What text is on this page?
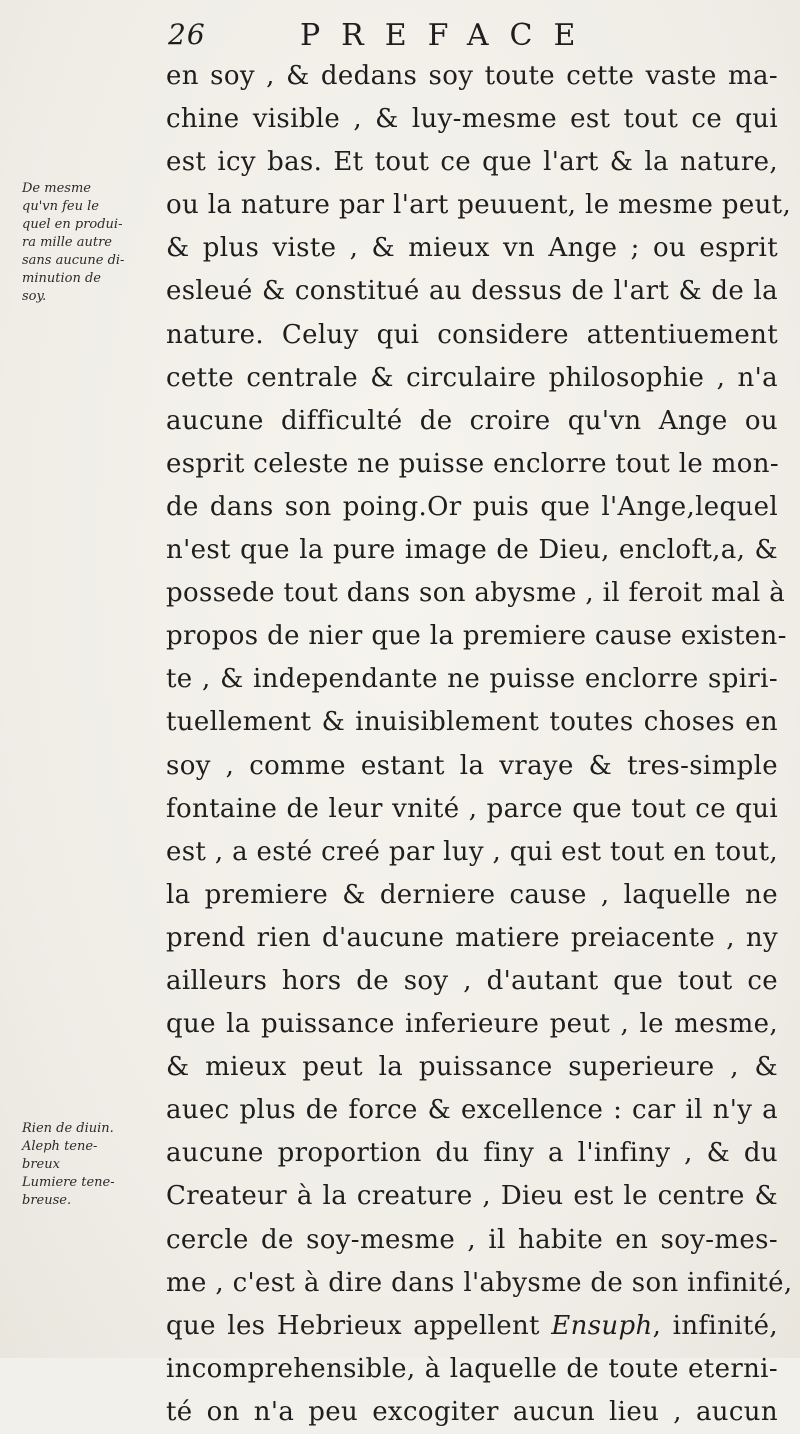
26	PREFACE
De mesme
qu'vn feu le
quel en produi-
ra mille autre
sans aucune di-
minution de
soy.
Rien de diuin.
Aleph tene-
breux
Lumiere tene-
breuse.
en soy , & dedans soy toute cette vaste ma-
chine visible , & luy-mesme est tout ce qui
est icy bas. Et tout ce que l'art & la nature,
ou la nature par l'art peuuent, le mesme peut,
& plus viste , & mieux vn Ange ; ou esprit
esleué & constitué au dessus de l'art & de la
nature. Celuy qui considere attentiuement
cette centrale & circulaire philosophie , n'a
aucune difficulté de croire qu'vn Ange ou
esprit celeste ne puisse enclorre tout le mon-
de dans son poing.Or puis que l'Ange,lequel
n'est que la pure image de Dieu, encloft,a, &
possede tout dans son abysme , il feroit mal à
propos de nier que la premiere cause existen-
te , & independante ne puisse enclorre spiri-
tuellement & inuisiblement toutes choses en
soy , comme estant la vraye & tres-simple
fontaine de leur vnité , parce que tout ce qui
est , a esté creé par luy , qui est tout en tout,
la premiere & derniere cause , laquelle ne
prend rien d'aucune matiere preiacente , ny
ailleurs hors de soy , d'autant que tout ce
que la puissance inferieure peut , le mesme,
& mieux peut la puissance superieure , &
auec plus de force & excellence : car il n'y a
aucune proportion du finy a l'infiny , & du
Createur à la creature , Dieu est le centre &
cercle de soy-mesme , il habite en soy-mes-
me , c'est à dire dans l'abysme de son infinité,
que les Hebrieux appellent Ensuph, infinité,
incomprehensible, à laquelle de toute eterni-
té on n'a peu excogiter aucun lieu , aucun
